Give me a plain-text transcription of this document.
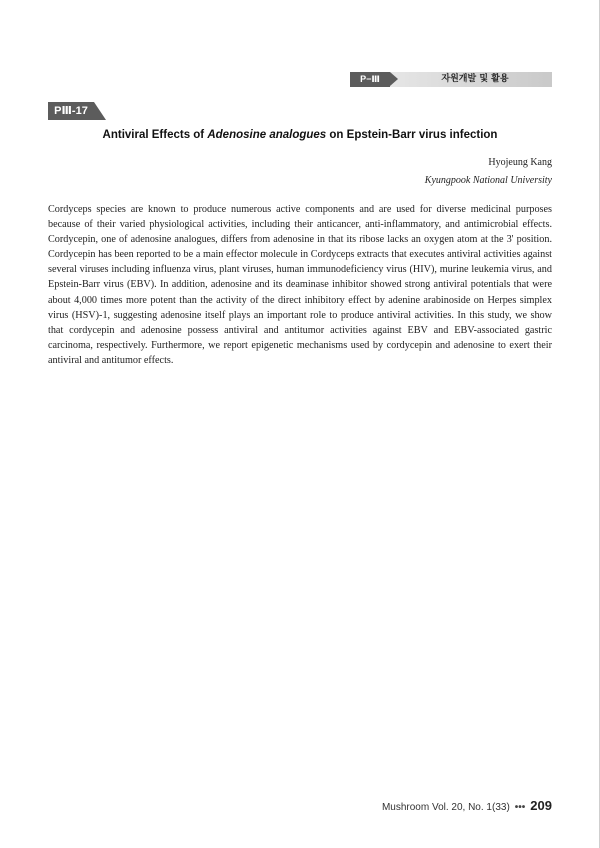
자원개발 및 활용
P−Ⅲ
PⅢ-17
Antiviral Effects of Adenosine analogues on Epstein-Barr virus infection
Hyojeung Kang
Kyungpook National University

Cordyceps species are known to produce numerous active components and are used for diverse medicinal purposes because of their varied physiological activities, including their anticancer, anti-inflammatory, and antimicrobial effects. Cordycepin, one of adenosine analogues, differs from adenosine in that its ribose lacks an oxygen atom at the 3' position. Cordycepin has been reported to be a main effector molecule in Cordyceps extracts that executes antiviral activities against several viruses including influenza virus, plant viruses, human immunodeficiency virus (HIV), murine leukemia virus, and Epstein-Barr virus (EBV). In addition, adenosine and its deaminase inhibitor showed strong antiviral potentials that were about 4,000 times more potent than the activity of the direct inhibitory effect by adenine arabinoside on Herpes simplex virus (HSV)-1, suggesting adenosine itself plays an important role to produce antiviral activities. In this study, we show that cordycepin and adenosine possess antiviral and antitumor activities against EBV and EBV-associated gastric carcinoma, respectively. Furthermore, we report epigenetic mechanisms used by cordycepin and adenosine to exert their antiviral and antitumor effects.

Mushroom Vol. 20, No. 1(33) ••• 209
